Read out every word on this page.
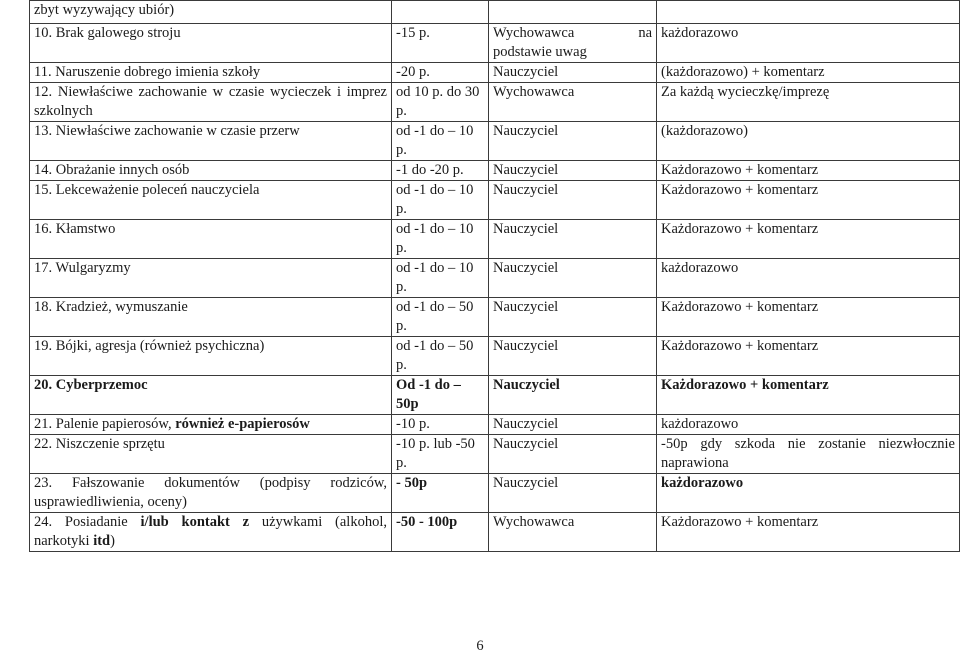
zbyt wyzywający ubiór)			
10. Brak galowego stroju	-15 p.	Wychowawca na podstawie uwag	każdorazowo
11. Naruszenie dobrego imienia szkoły	-20 p.	Nauczyciel	(każdorazowo) + komentarz
12. Niewłaściwe zachowanie w czasie wycieczek i imprez szkolnych	od 10 p. do 30 p.	Wychowawca	Za każdą wycieczkę/imprezę
13. Niewłaściwe zachowanie w czasie przerw	od -1 do – 10 p.	Nauczyciel	(każdorazowo)
14. Obrażanie innych osób	-1 do -20 p.	Nauczyciel	Każdorazowo + komentarz
15. Lekceważenie poleceń nauczyciela	od -1 do – 10 p.	Nauczyciel	Każdorazowo + komentarz
16. Kłamstwo	od -1 do – 10 p.	Nauczyciel	Każdorazowo + komentarz
17. Wulgaryzmy	od -1 do – 10 p.	Nauczyciel	każdorazowo
18. Kradzież, wymuszanie	od -1 do – 50 p.	Nauczyciel	Każdorazowo + komentarz
19. Bójki, agresja (również psychiczna)	od -1 do – 50 p.	Nauczyciel	Każdorazowo + komentarz
20. Cyberprzemoc	Od -1 do – 50p	Nauczyciel	Każdorazowo + komentarz
21. Palenie papierosów, również e-papierosów	-10 p.	Nauczyciel	każdorazowo
22. Niszczenie sprzętu	-10 p. lub -50 p.	Nauczyciel	-50p gdy szkoda nie zostanie niezwłocznie naprawiona
23. Fałszowanie dokumentów (podpisy rodziców, usprawiedliwienia, oceny)	- 50p	Nauczyciel	każdorazowo
24. Posiadanie i/lub kontakt z używkami (alkohol, narkotyki itd)	-50 - 100p	Wychowawca	Każdorazowo + komentarz
6
